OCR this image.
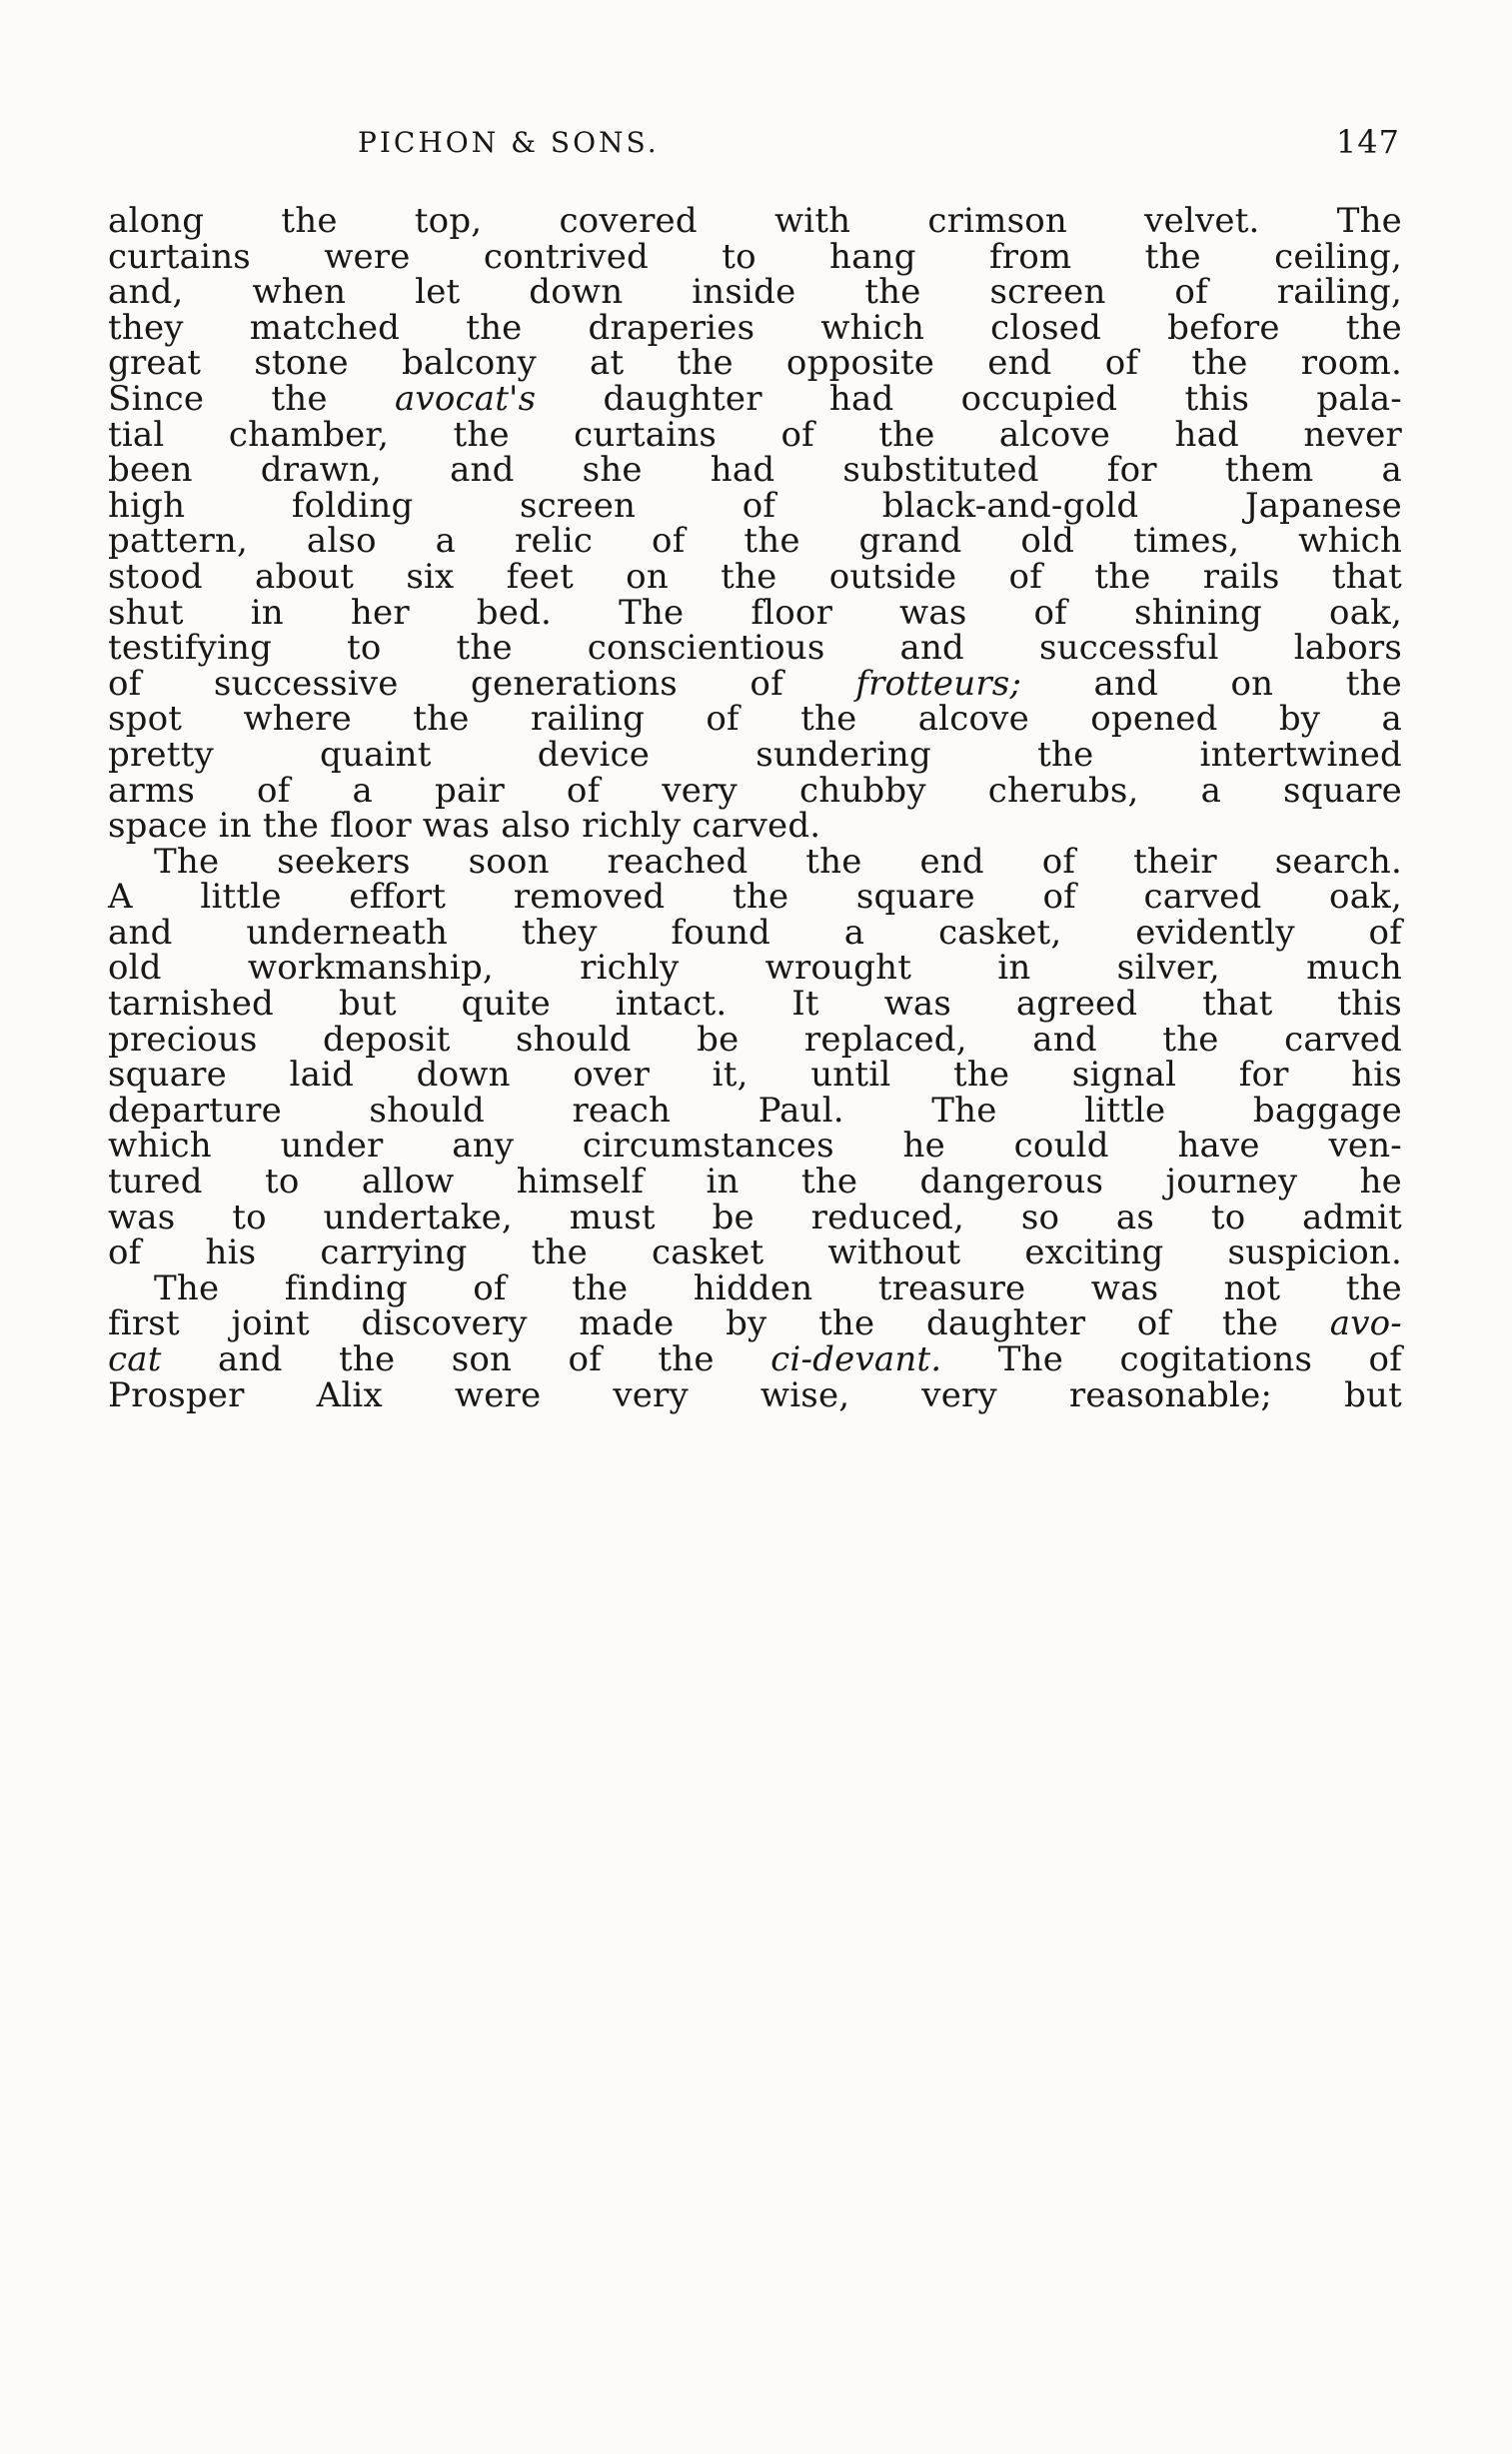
PICHON & SONS.	147
along the top, covered with crimson velvet. The
curtains were contrived to hang from the ceiling,
and, when let down inside the screen of railing,
they matched the draperies which closed before the
great stone balcony at the opposite end of the room.
Since the avocat's daughter had occupied this pala-
tial chamber, the curtains of the alcove had never
been drawn, and she had substituted for them a
high folding screen of black-and-gold Japanese
pattern, also a relic of the grand old times, which
stood about six feet on the outside of the rails that
shut in her bed. The floor was of shining oak,
testifying to the conscientious and successful labors
of successive generations of frotteurs; and on the
spot where the railing of the alcove opened by a
pretty quaint device sundering the intertwined
arms of a pair of very chubby cherubs, a square
space in the floor was also richly carved.
The seekers soon reached the end of their search.
A little effort removed the square of carved oak,
and underneath they found a casket, evidently of
old workmanship, richly wrought in silver, much
tarnished but quite intact. It was agreed that this
precious deposit should be replaced, and the carved
square laid down over it, until the signal for his
departure should reach Paul. The little baggage
which under any circumstances he could have ven-
tured to allow himself in the dangerous journey he
was to undertake, must be reduced, so as to admit
of his carrying the casket without exciting suspicion.
The finding of the hidden treasure was not the
first joint discovery made by the daughter of the avo-
cat and the son of the ci-devant. The cogitations of
Prosper Alix were very wise, very reasonable; but
